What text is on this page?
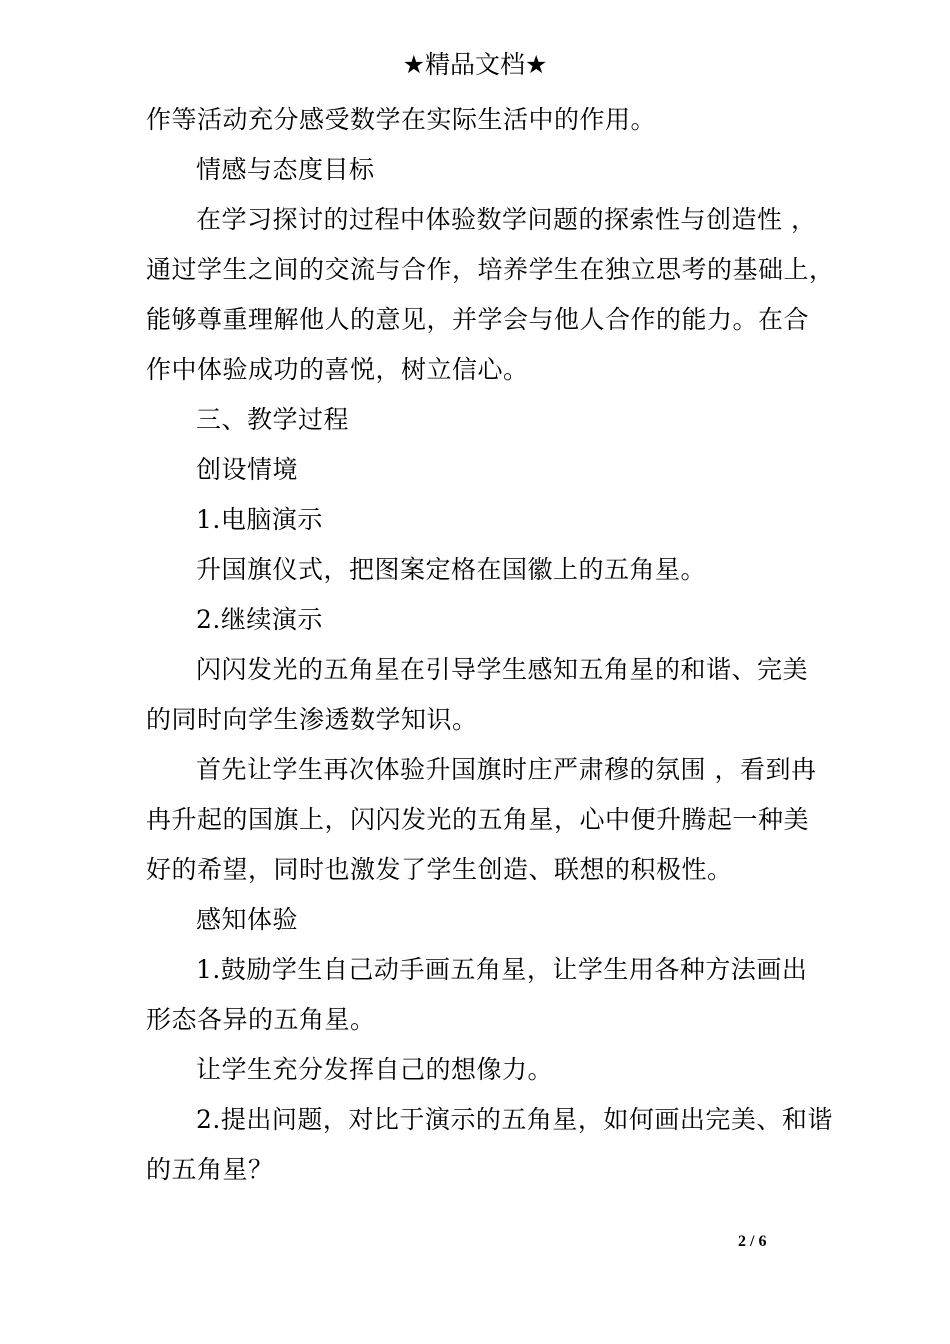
★精品文档★
作等活动充分感受数学在实际生活中的作用。
情感与态度目标
在学习探讨的过程中体验数学问题的探索性与创造性 ，
通过学生之间的交流与合作，培养学生在独立思考的基础上，
能够尊重理解他人的意见，并学会与他人合作的能力。在合
作中体验成功的喜悦，树立信心。
三、教学过程
创设情境
1.电脑演示
升国旗仪式，把图案定格在国徽上的五角星。
2.继续演示
闪闪发光的五角星在引导学生感知五角星的和谐、完美
的同时向学生渗透数学知识。
首先让学生再次体验升国旗时庄严肃穆的氛围 ，看到冉
冉升起的国旗上，闪闪发光的五角星，心中便升腾起一种美
好的希望，同时也激发了学生创造、联想的积极性。
感知体验
1.鼓励学生自己动手画五角星，让学生用各种方法画出
形态各异的五角星。
让学生充分发挥自己的想像力。
2.提出问题，对比于演示的五角星，如何画出完美、和谐
的五角星？
2 / 6
